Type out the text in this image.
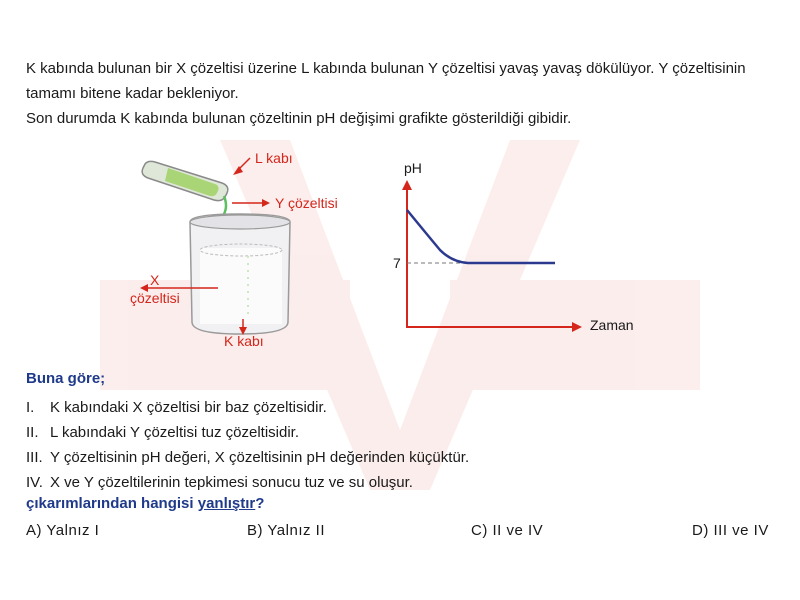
K kabında bulunan bir X çözeltisi üzerine L kabında bulunan Y çözeltisi yavaş yavaş dökülüyor. Y çözeltisinin tamamı bitene kadar bekleniyor.

Son durumda K kabında bulunan çözeltinin pH değişimi grafikte gösterildiği gibidir.

L kabı
Y çözeltisi
X
çözeltisi
K kabı
pH
Zaman
7
Buna göre;
I.	K kabındaki X çözeltisi bir baz çözeltisidir.
II. L kabındaki Y çözeltisi tuz çözeltisidir.
III. Y çözeltisinin pH değeri, X çözeltisinin pH değerinden küçüktür.
IV. X ve Y çözeltilerinin tepkimesi sonucu tuz ve su oluşur.
çıkarımlarından hangisi yanlıştır?
A) Yalnız I	B) Yalnız II	C) II ve IV	D) III ve IV
